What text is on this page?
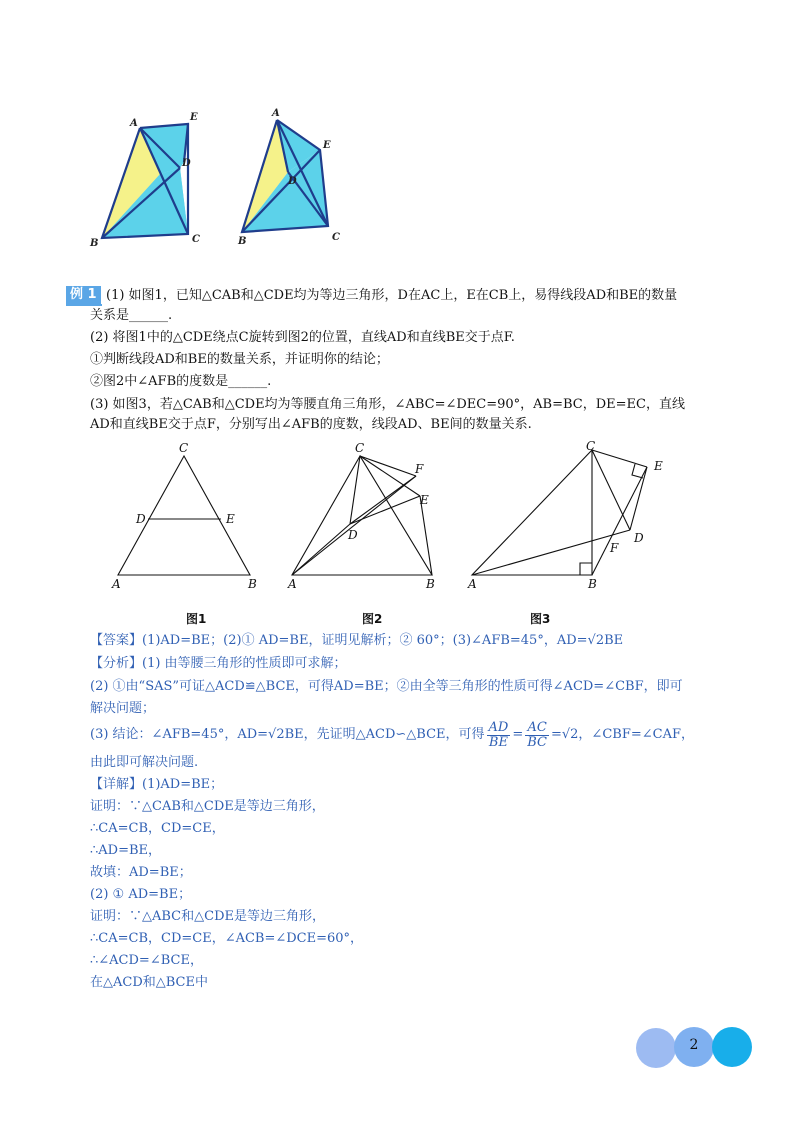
A
E
D
B	C
A
E
D
B	C
例 1 (1) 如图1，已知△CAB和△CDE均为等边三角形，D在AC上，E在CB上，易得线段AD和BE的数量
关系是______.
(2) 将图1中的△CDE绕点C旋转到图2的位置，直线AD和直线BE交于点F.
①判断线段AD和BE的数量关系，并证明你的结论；
②图2中∠AFB的度数是______.
(3) 如图3，若△CAB和△CDE均为等腰直角三角形，∠ABC=∠DEC=90°，AB=BC，DE=EC，直线
AD和直线BE交于点F，分别写出∠AFB的度数，线段AD、BE间的数量关系.
C
D	E
A	B
C
F
E
D
A	B
C
E
D
F
A	B
图1	图2	图3
【答案】(1)AD=BE；(2)① AD=BE，证明见解析；② 60°；(3)∠AFB=45°，AD=√2BE
【分析】(1) 由等腰三角形的性质即可求解；
(2) ①由“SAS”可证△ACD≌△BCE，可得AD=BE；②由全等三角形的性质可得∠ACD=∠CBF，即可
解决问题；
(3) 结论：∠AFB=45°，AD=√2BE，先证明△ACD∽△BCE，可得 $\frac{AD}{BE} = \frac{AC}{BC} =√2$，∠CBF=∠CAF，
由此即可解决问题.
【详解】(1)AD=BE；
证明：∵△CAB和△CDE是等边三角形，
∴CA=CB，CD=CE，
∴AD=BE，
故填：AD=BE；
(2) ① AD=BE；
证明：∵△ABC和△CDE是等边三角形，
∴CA=CB，CD=CE，∠ACB=∠DCE=60°，
∴∠ACD=∠BCE，
在△ACD和△BCE中
2
